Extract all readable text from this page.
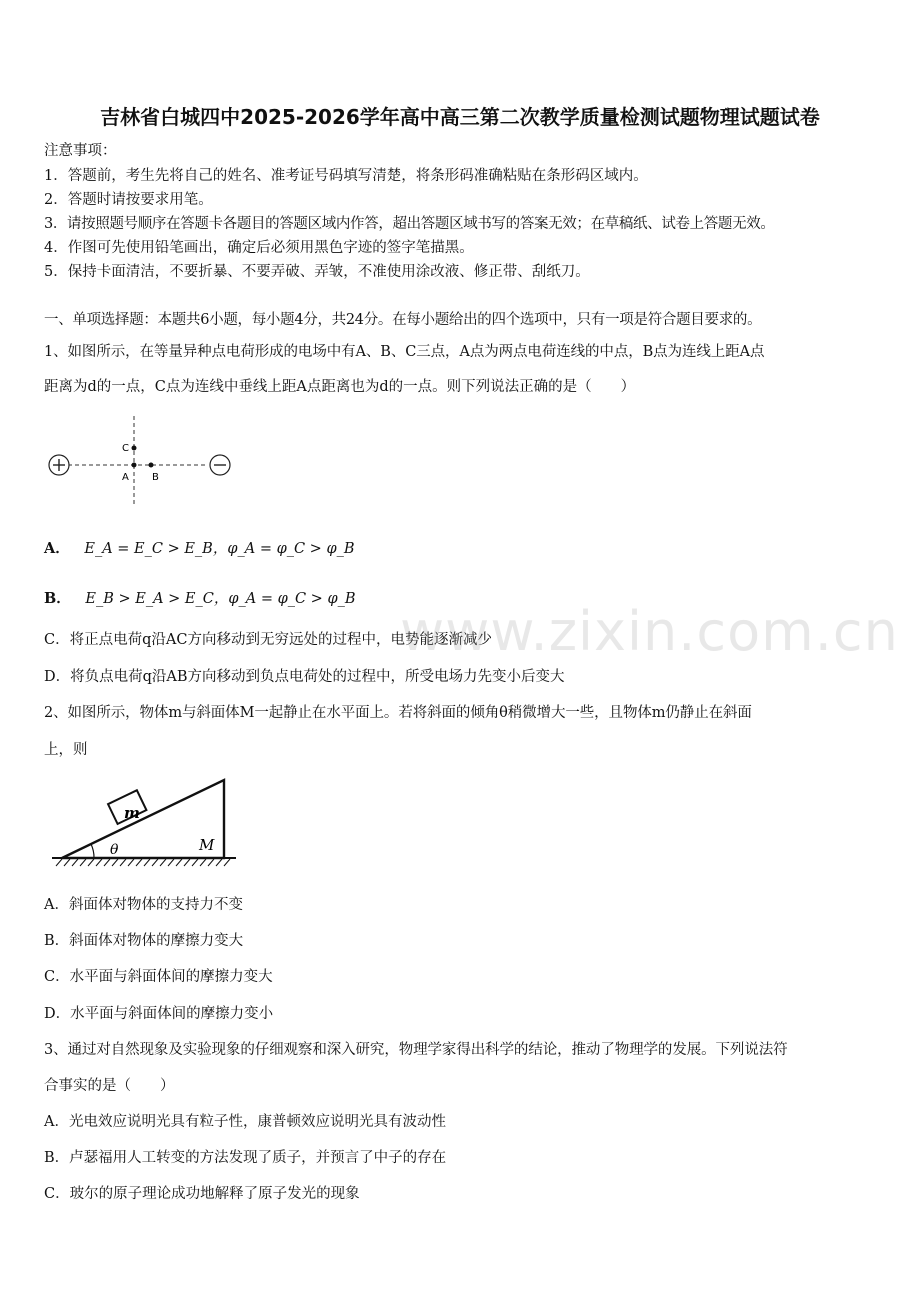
吉林省白城四中2025-2026学年高中高三第二次教学质量检测试题物理试题试卷
注意事项：
1．答题前，考生先将自己的姓名、准考证号码填写清楚，将条形码准确粘贴在条形码区域内。
2．答题时请按要求用笔。
3．请按照题号顺序在答题卡各题目的答题区域内作答，超出答题区域书写的答案无效；在草稿纸、试卷上答题无效。
4．作图可先使用铅笔画出，确定后必须用黑色字迹的签字笔描黑。
5．保持卡面清洁，不要折暴、不要弄破、弄皱，不准使用涂改液、修正带、刮纸刀。
一、单项选择题：本题共6小题，每小题4分，共24分。在每小题给出的四个选项中，只有一项是符合题目要求的。
1、如图所示，在等量异种点电荷形成的电场中有A、B、C三点，A点为两点电荷连线的中点，B点为连线上距A点
距离为d的一点，C点为连线中垂线上距A点距离也为d的一点。则下列说法正确的是（　　）
C
A B
A． E_A = E_C > E_B，φ_A = φ_C > φ_B
B． E_B > E_A > E_C，φ_A = φ_C > φ_B
C．将正点电荷q沿AC方向移动到无穷远处的过程中，电势能逐渐减少
D．将负点电荷q沿AB方向移动到负点电荷处的过程中，所受电场力先变小后变大
2、如图所示，物体m与斜面体M一起静止在水平面上。若将斜面的倾角θ稍微增大一些，且物体m仍静止在斜面
上，则
m
θ	M
A．斜面体对物体的支持力不变
B．斜面体对物体的摩擦力变大
C．水平面与斜面体间的摩擦力变大
D．水平面与斜面体间的摩擦力变小
3、通过对自然现象及实验现象的仔细观察和深入研究，物理学家得出科学的结论，推动了物理学的发展。下列说法符
合事实的是（　　）
A．光电效应说明光具有粒子性，康普顿效应说明光具有波动性
B．卢瑟福用人工转变的方法发现了质子，并预言了中子的存在
C．玻尔的原子理论成功地解释了原子发光的现象
www.zixin.com.cn
